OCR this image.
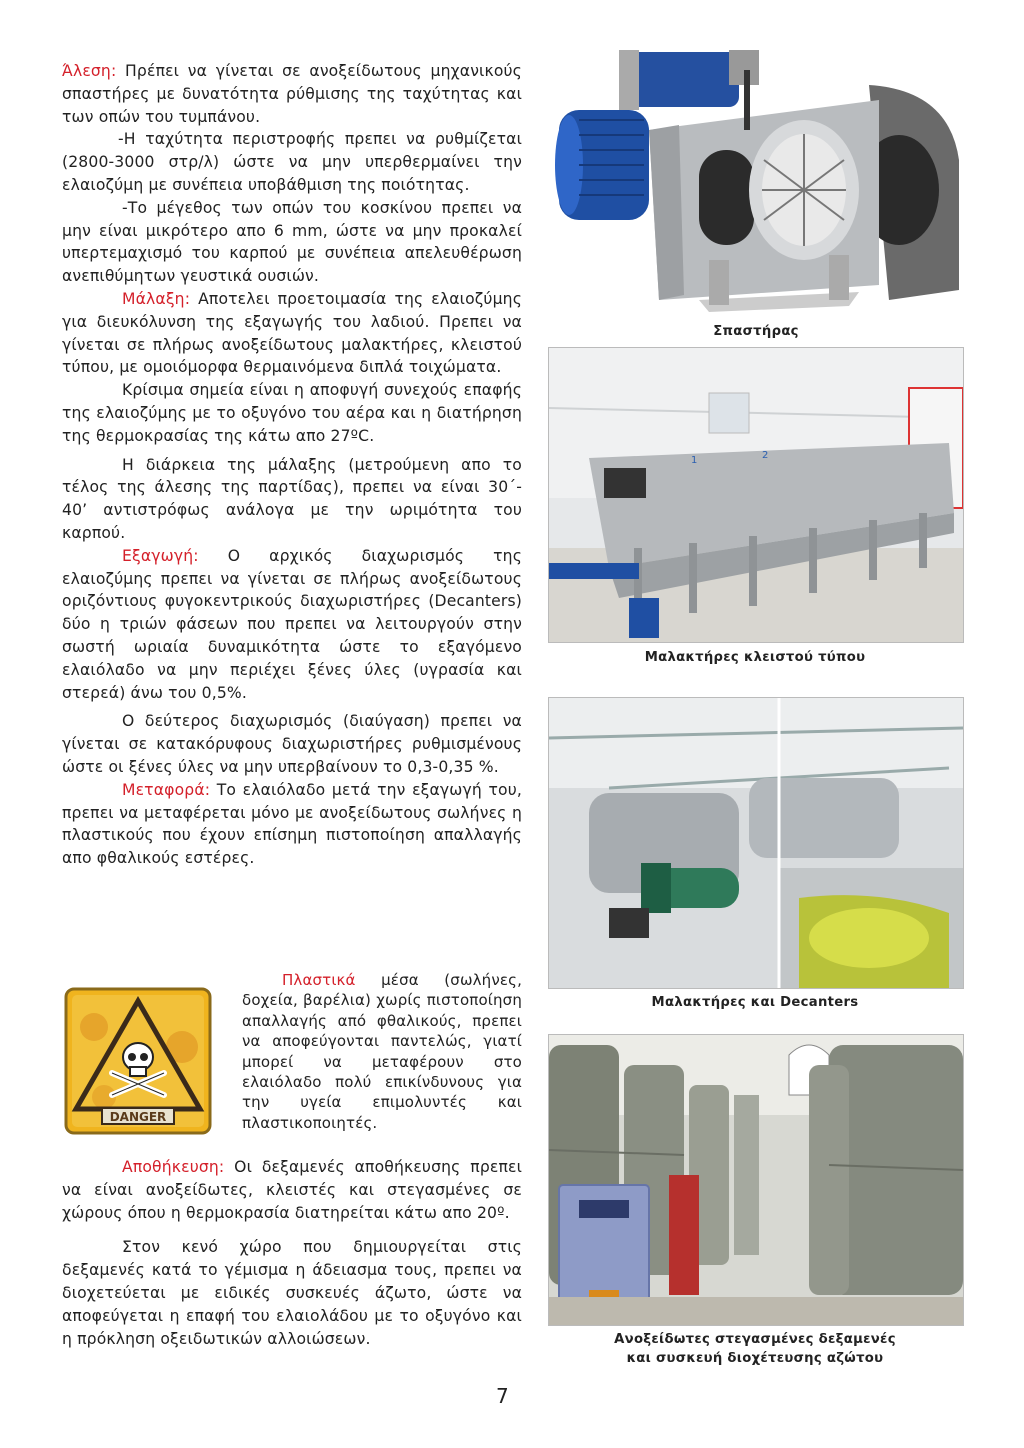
Άλεση: Πρέπει να γίνεται σε ανοξείδωτους μηχανικούς σπαστήρες με δυνατότητα ρύθμισης της ταχύτητας και των οπών του τυμπάνου.

-Η ταχύτητα περιστροφής πρεπει να ρυθμίζεται (2800-3000 στρ/λ) ώστε να μην υπερθερμαίνει την ελαιοζύμη με συνέπεια υποβάθμιση της ποιότητας.

-Το μέγεθος των οπών του κοσκίνου πρεπει να μην είναι μικρότερο απο 6 mm, ώστε να μην προκαλεί υπερτεμαχισμό του καρπού με συνέπεια απελευθέρωση ανεπιθύμητων γευστικά ουσιών.

Μάλαξη: Αποτελει προετοιμασία της ελαιοζύμης για διευκόλυνση της εξαγωγής του λαδιού. Πρεπει να γίνεται σε πλήρως ανοξείδωτους μαλακτήρες, κλειστού τύπου, με ομοιόμορφα θερμαινόμενα διπλά τοιχώματα.

Κρίσιμα σημεία είναι η αποφυγή συνεχούς επαφής της ελαιοζύμης με το οξυγόνο του αέρα και η διατήρηση της θερμοκρασίας της κάτω απο 27ºC.

Η διάρκεια της μάλαξης (μετρούμενη απο το τέλος της άλεσης της παρτίδας), πρεπει να είναι 30΄- 40’ αντιστρόφως ανάλογα με την ωριμότητα του καρπού.

Εξαγωγή: Ο αρχικός διαχωρισμός της ελαιοζύμης πρεπει να γίνεται σε πλήρως ανοξείδωτους οριζόντιους φυγοκεντρικούς διαχωριστήρες (Decanters) δύο η τριών φάσεων που πρεπει να λειτουργούν στην σωστή ωριαία δυναμικότητα ώστε το εξαγόμενο ελαιόλαδο να μην περιέχει ξένες ύλες (υγρασία και στερεά) άνω του 0,5%.

Ο δεύτερος διαχωρισμός (διαύγαση) πρεπει να γίνεται σε κατακόρυφους διαχωριστήρες ρυθμισμένους ώστε οι ξένες ύλες να μην υπερβαίνουν το 0,3-0,35 %.

Μεταφορά: Το ελαιόλαδο μετά την εξαγωγή του, πρεπει να μεταφέρεται μόνο με ανοξείδωτους σωλήνες η πλαστικούς που έχουν επίσημη πιστοποίηση απαλλαγής απο φθαλικούς εστέρες.

DANGER

Πλαστικά μέσα (σωλήνες, δοχεία, βαρέλια) χωρίς πιστοποίηση απαλλαγής από φθαλικούς, πρεπει να αποφεύγονται παντελώς, γιατί μπορεί να μεταφέρουν στο ελαιόλαδο πολύ επικίνδυνους για την υγεία επιμολυντές και πλαστικοποιητές.

Αποθήκευση: Οι δεξαμενές αποθήκευσης πρεπει να είναι ανοξείδωτες, κλειστές και στεγασμένες σε χώρους όπου η θερμοκρασία διατηρείται κάτω απο 20º.

Στον κενό χώρο που δημιουργείται στις δεξαμενές κατά το γέμισμα η άδειασμα τους, πρεπει να διοχετεύεται με ειδικές συσκευές άζωτο, ώστε να αποφεύγεται η επαφή του ελαιολάδου με το οξυγόνο και η πρόκληση οξειδωτικών αλλοιώσεων.

Σπαστήρας
1	2
Μαλακτήρες κλειστού τύπου
Μαλακτήρες και Decanters
Ανοξείδωτες στεγασμένες δεξαμενές
και συσκευή διοχέτευσης αζώτου
7
